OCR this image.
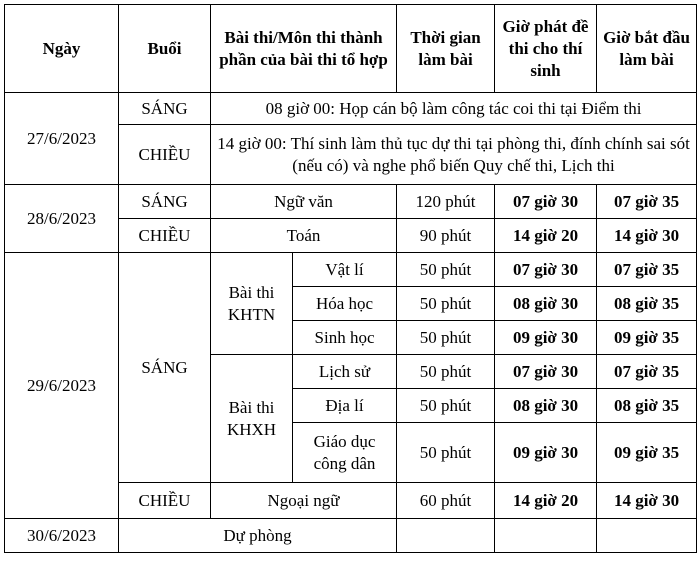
Ngày	Buổi	Bài thi/Môn thi thành phần của bài thi tổ hợp		Thời gian làm bài	Giờ phát đề thi cho thí sinh	Giờ bắt đầu làm bài
27/6/2023	SÁNG	08 giờ 00: Họp cán bộ làm công tác coi thi tại Điểm thi				
	CHIỀU	14 giờ 00: Thí sinh làm thủ tục dự thi tại phòng thi, đính chính sai sót (nếu có) và nghe phổ biến Quy chế thi, Lịch thi				
28/6/2023	SÁNG	Ngữ văn		120 phút	07 giờ 30	07 giờ 35
	CHIỀU	Toán		90 phút	14 giờ 20	14 giờ 30
29/6/2023	SÁNG	Bài thi KHTN	Vật lí	50 phút	07 giờ 30	07 giờ 35
			Hóa học	50 phút	08 giờ 30	08 giờ 35
			Sinh học	50 phút	09 giờ 30	09 giờ 35
		Bài thi KHXH	Lịch sử	50 phút	07 giờ 30	07 giờ 35
			Địa lí	50 phút	08 giờ 30	08 giờ 35
			Giáo dục công dân	50 phút	09 giờ 30	09 giờ 35
	CHIỀU	Ngoại ngữ		60 phút	14 giờ 20	14 giờ 30
30/6/2023	Dự phòng					
